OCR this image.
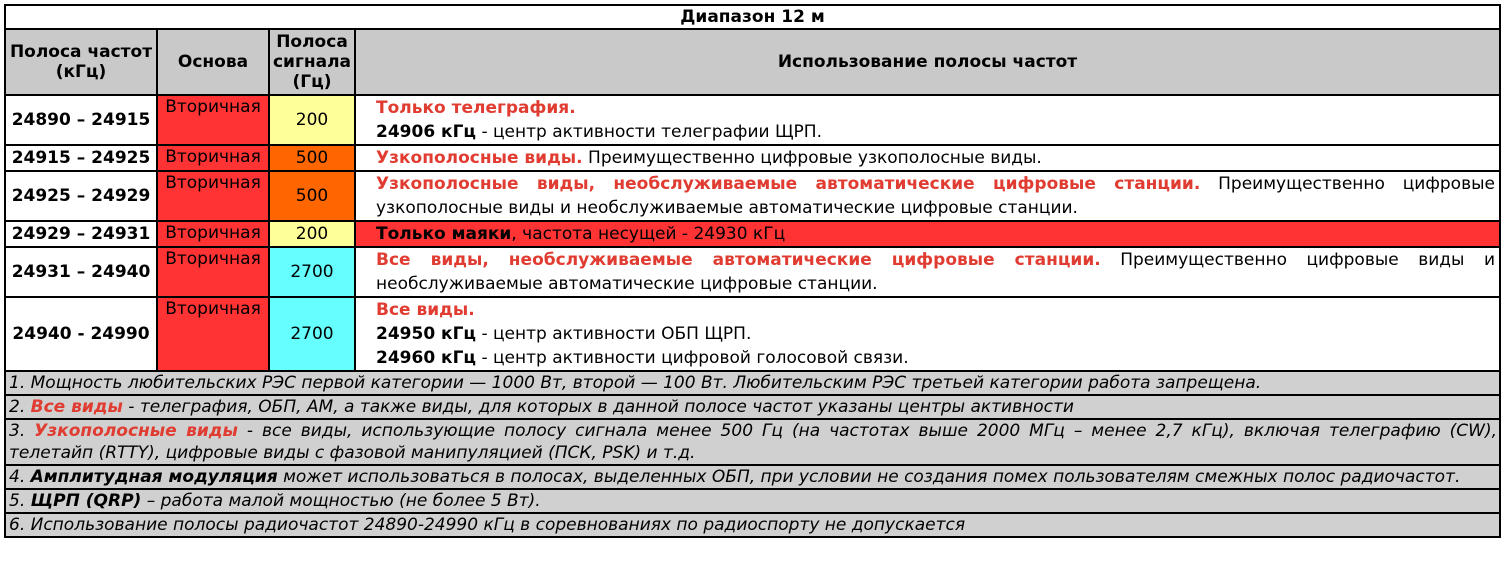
Диапазон 12 м			
Полоса частот (кГц)	Основа	Полоса сигнала (Гц)	Использование полосы частот
24890 – 24915	Вторичная	200	Только телеграфия.
24906 кГц - центр активности телеграфии ЩРП.

24915 – 24925	Вторичная	500	Узкополосные виды. Преимущественно цифровые узкополосные виды.
24925 – 24929	Вторичная	500	Узкополосные виды, необслуживаемые автоматические цифровые станции. Преимущественно цифровые узкополосные виды и необслуживаемые автоматические цифровые станции.
24929 – 24931	Вторичная	200	Только маяки, частота несущей - 24930 кГц
24931 – 24940	Вторичная	2700	Все виды, необслуживаемые автоматические цифровые станции. Преимущественно цифровые виды и необслуживаемые автоматические цифровые станции.
24940 - 24990	Вторичная	2700	Все виды.
24950 кГц - центр активности ОБП ЩРП.
24960 кГц - центр активности цифровой голосовой связи.

1. Мощность любительских РЭС первой категории — 1000 Вт, второй — 100 Вт. Любительским РЭС третьей категории работа запрещена.			
2. Все виды - телеграфия, ОБП, АМ, а также виды, для которых в данной полосе частот указаны центры активности			
3. Узкополосные виды - все виды, использующие полосу сигнала менее 500 Гц (на частотах выше 2000 МГц – менее 2,7 кГц), включая телеграфию (CW), телетайп (RTTY), цифровые виды с фазовой манипуляцией (ПСК, PSK) и т.д.			
4. Амплитудная модуляция может использоваться в полосах, выделенных ОБП, при условии не создания помех пользователям смежных полос радиочастот.			
5. ЩРП (QRP) – работа малой мощностью (не более 5 Вт).			
6. Использование полосы радиочастот 24890-24990 кГц в соревнованиях по радиоспорту не допускается			
